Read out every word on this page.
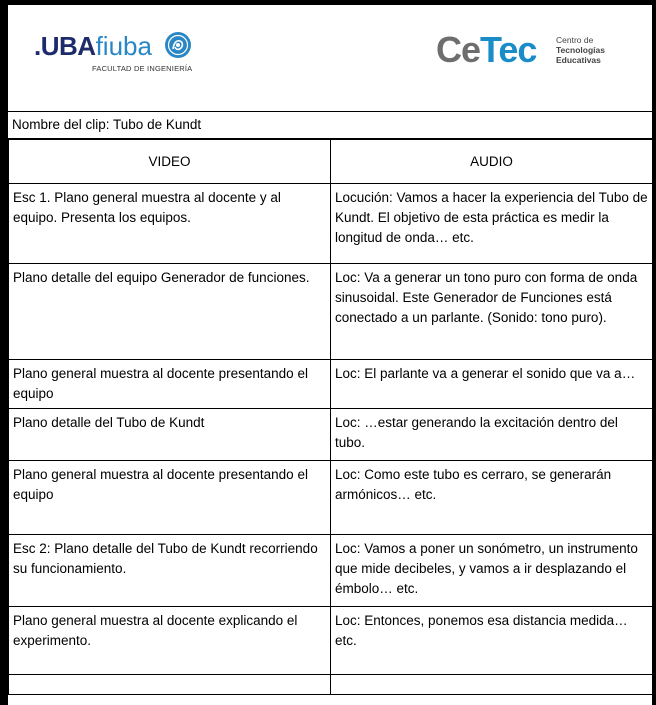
.UBAfiuba
FACULTAD DE INGENIERÍA	CeTec Centro de
Tecnologías
Educativas
Nombre del clip: Tubo de Kundt
VIDEO	AUDIO
Esc 1. Plano general muestra al docente y al equipo. Presenta los equipos.	Locución: Vamos a hacer la experiencia del Tubo de Kundt. El objetivo de esta práctica es medir la longitud de onda… etc.
Plano detalle del equipo Generador de funciones.	Loc: Va a generar un tono puro con forma de onda sinusoidal. Este Generador de Funciones está conectado a un parlante. (Sonido: tono puro).
Plano general muestra al docente presentando el equipo	Loc: El parlante va a generar el sonido que va a…
Plano detalle del Tubo de Kundt	Loc: …estar generando la excitación dentro del tubo.
Plano general muestra al docente presentando el equipo	Loc: Como este tubo es cerraro, se generarán armónicos… etc.
Esc 2: Plano detalle del Tubo de Kundt recorriendo su funcionamiento.	Loc: Vamos a poner un sonómetro, un instrumento que mide decibeles, y vamos a ir desplazando el émbolo… etc.
Plano general muestra al docente explicando el experimento.	Loc: Entonces, ponemos esa distancia medida… etc.
